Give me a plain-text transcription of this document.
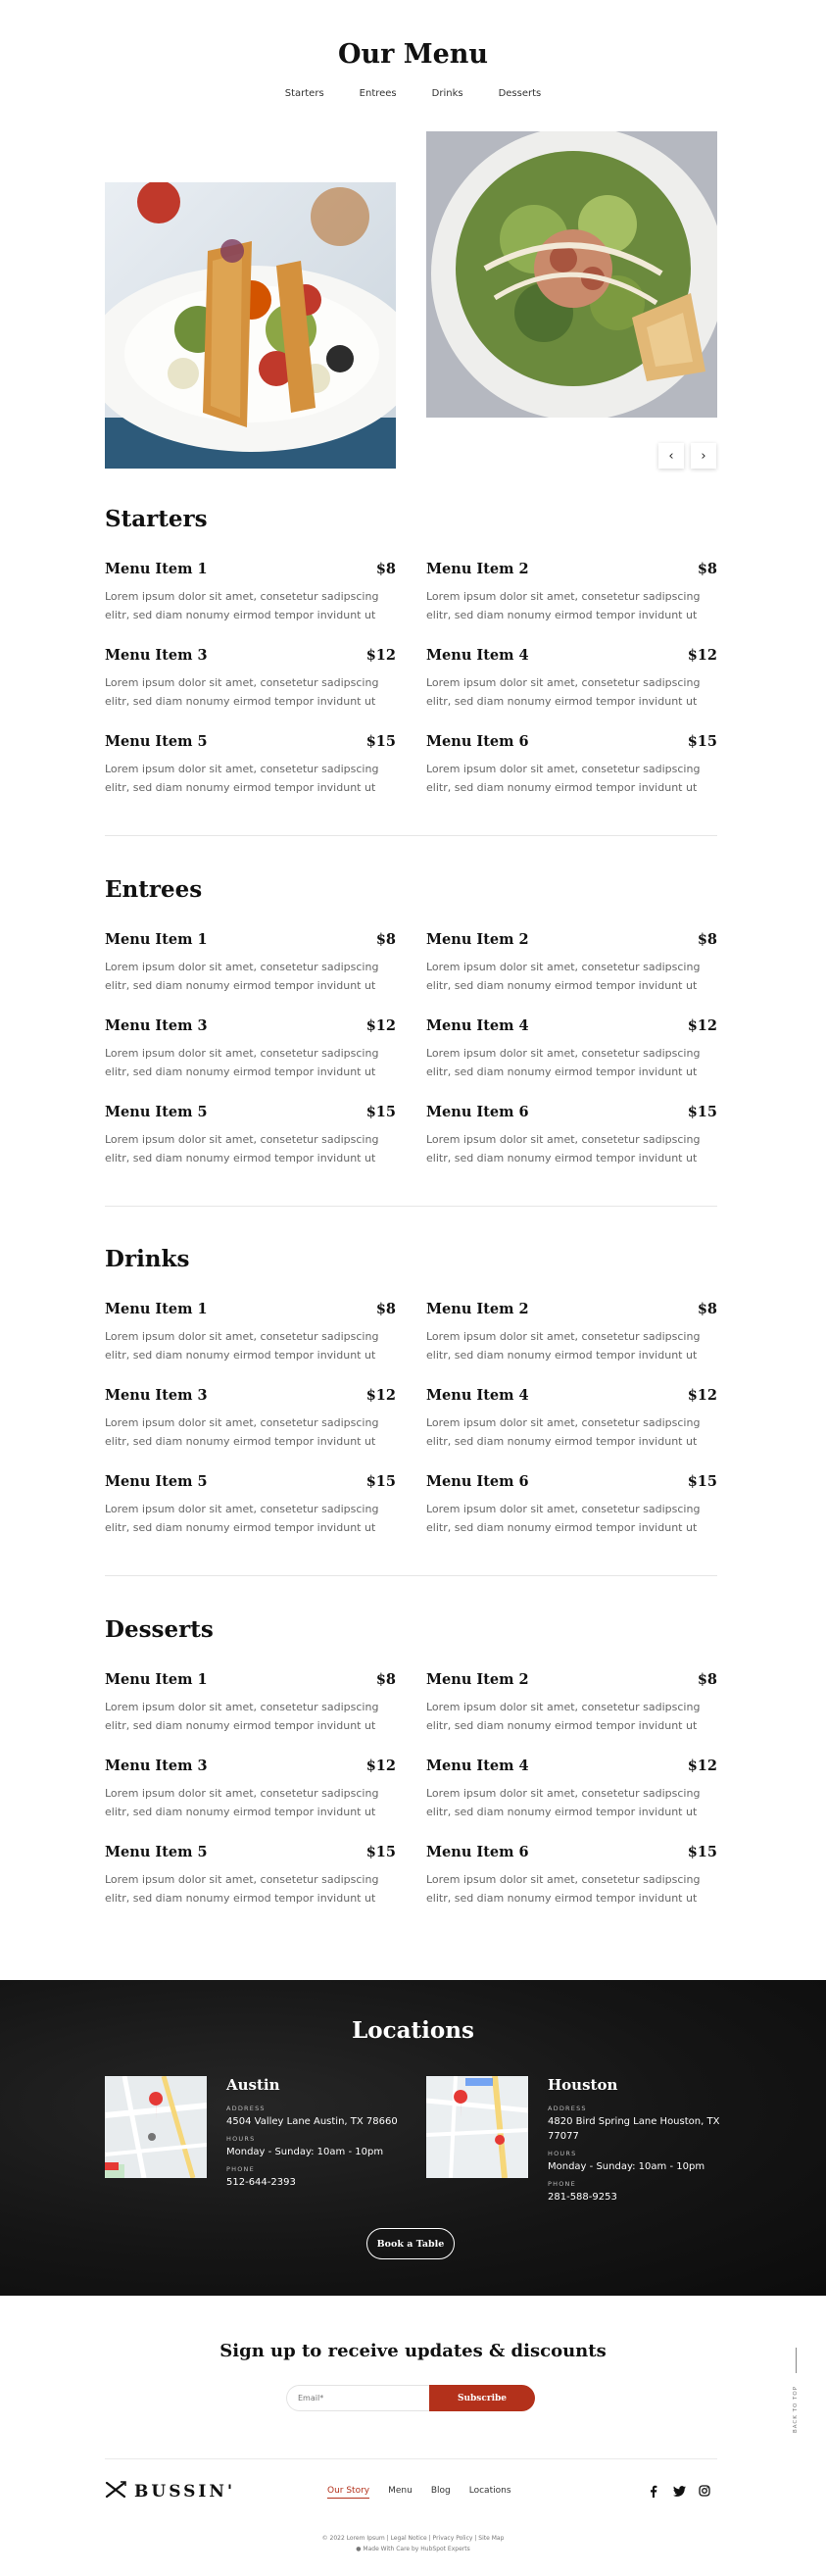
Our Menu
Starters	Entrees	Drinks	Desserts
‹ ›
Starters
Menu Item 1	$8

Lorem ipsum dolor sit amet, consetetur sadipscing elitr, sed diam nonumy eirmod tempor invidunt ut

Menu Item 2	$8

Lorem ipsum dolor sit amet, consetetur sadipscing elitr, sed diam nonumy eirmod tempor invidunt ut

Menu Item 3	$12

Lorem ipsum dolor sit amet, consetetur sadipscing elitr, sed diam nonumy eirmod tempor invidunt ut

Menu Item 4	$12

Lorem ipsum dolor sit amet, consetetur sadipscing elitr, sed diam nonumy eirmod tempor invidunt ut

Menu Item 5	$15

Lorem ipsum dolor sit amet, consetetur sadipscing elitr, sed diam nonumy eirmod tempor invidunt ut

Menu Item 6	$15

Lorem ipsum dolor sit amet, consetetur sadipscing elitr, sed diam nonumy eirmod tempor invidunt ut

Entrees
Menu Item 1	$8

Lorem ipsum dolor sit amet, consetetur sadipscing elitr, sed diam nonumy eirmod tempor invidunt ut

Menu Item 2	$8

Lorem ipsum dolor sit amet, consetetur sadipscing elitr, sed diam nonumy eirmod tempor invidunt ut

Menu Item 3	$12

Lorem ipsum dolor sit amet, consetetur sadipscing elitr, sed diam nonumy eirmod tempor invidunt ut

Menu Item 4	$12

Lorem ipsum dolor sit amet, consetetur sadipscing elitr, sed diam nonumy eirmod tempor invidunt ut

Menu Item 5	$15

Lorem ipsum dolor sit amet, consetetur sadipscing elitr, sed diam nonumy eirmod tempor invidunt ut

Menu Item 6	$15

Lorem ipsum dolor sit amet, consetetur sadipscing elitr, sed diam nonumy eirmod tempor invidunt ut

Drinks
Menu Item 1	$8

Lorem ipsum dolor sit amet, consetetur sadipscing elitr, sed diam nonumy eirmod tempor invidunt ut

Menu Item 2	$8

Lorem ipsum dolor sit amet, consetetur sadipscing elitr, sed diam nonumy eirmod tempor invidunt ut

Menu Item 3	$12

Lorem ipsum dolor sit amet, consetetur sadipscing elitr, sed diam nonumy eirmod tempor invidunt ut

Menu Item 4	$12

Lorem ipsum dolor sit amet, consetetur sadipscing elitr, sed diam nonumy eirmod tempor invidunt ut

Menu Item 5	$15

Lorem ipsum dolor sit amet, consetetur sadipscing elitr, sed diam nonumy eirmod tempor invidunt ut

Menu Item 6	$15

Lorem ipsum dolor sit amet, consetetur sadipscing elitr, sed diam nonumy eirmod tempor invidunt ut

Desserts
Menu Item 1	$8

Lorem ipsum dolor sit amet, consetetur sadipscing elitr, sed diam nonumy eirmod tempor invidunt ut

Menu Item 2	$8

Lorem ipsum dolor sit amet, consetetur sadipscing elitr, sed diam nonumy eirmod tempor invidunt ut

Menu Item 3	$12

Lorem ipsum dolor sit amet, consetetur sadipscing elitr, sed diam nonumy eirmod tempor invidunt ut

Menu Item 4	$12

Lorem ipsum dolor sit amet, consetetur sadipscing elitr, sed diam nonumy eirmod tempor invidunt ut

Menu Item 5	$15

Lorem ipsum dolor sit amet, consetetur sadipscing elitr, sed diam nonumy eirmod tempor invidunt ut

Menu Item 6	$15

Lorem ipsum dolor sit amet, consetetur sadipscing elitr, sed diam nonumy eirmod tempor invidunt ut

Locations
Austin
ADDRESS
4504 Valley Lane Austin, TX 78660
HOURS
Monday - Sunday: 10am - 10pm
PHONE
512-644-2393
Houston
ADDRESS
4820 Bird Spring Lane Houston, TX 77077
HOURS
Monday - Sunday: 10am - 10pm
PHONE
281-588-9253
Book a Table
BACK TO TOP
Sign up to receive updates & discounts
Email*
Subscribe
BUSSIN'	Our Story Menu Blog Locations
© 2022 Lorem Ipsum | Legal Notice | Privacy Policy | Site Map
● Made With Care by HubSpot Experts
